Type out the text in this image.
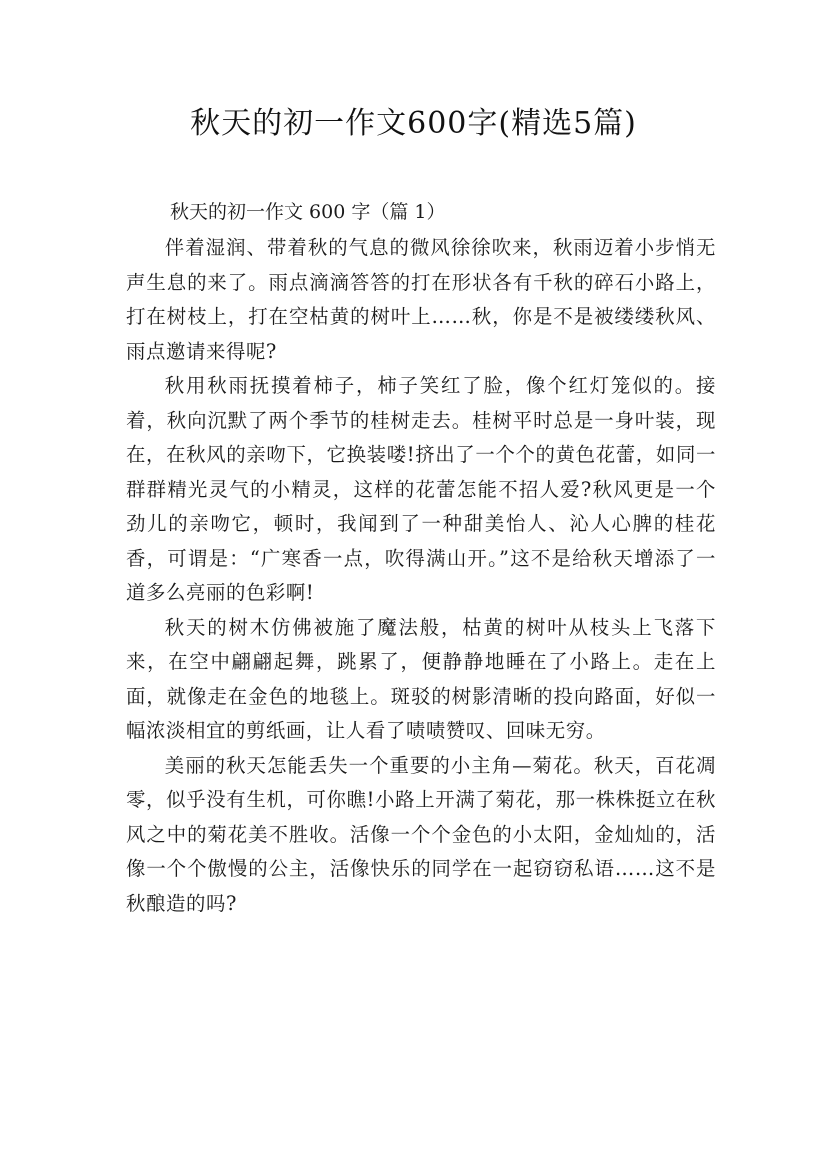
秋天的初一作文600字(精选5篇)

秋天的初一作文 600 字（篇 1）

伴着湿润、带着秋的气息的微风徐徐吹来，秋雨迈着小步悄无声生息的来了。雨点滴滴答答的打在形状各有千秋的碎石小路上，打在树枝上，打在空枯黄的树叶上……秋，你是不是被缕缕秋风、雨点邀请来得呢?

秋用秋雨抚摸着柿子，柿子笑红了脸，像个红灯笼似的。接着，秋向沉默了两个季节的桂树走去。桂树平时总是一身叶装，现在，在秋风的亲吻下，它换装喽!挤出了一个个的黄色花蕾，如同一群群精光灵气的小精灵，这样的花蕾怎能不招人爱?秋风更是一个劲儿的亲吻它，顿时，我闻到了一种甜美怡人、沁人心脾的桂花香，可谓是：“广寒香一点，吹得满山开。”这不是给秋天增添了一道多么亮丽的色彩啊!

秋天的树木仿佛被施了魔法般，枯黄的树叶从枝头上飞落下来，在空中翩翩起舞，跳累了，便静静地睡在了小路上。走在上面，就像走在金色的地毯上。斑驳的树影清晰的投向路面，好似一幅浓淡相宜的剪纸画，让人看了啧啧赞叹、回味无穷。

美丽的秋天怎能丢失一个重要的小主角—菊花。秋天，百花凋零，似乎没有生机，可你瞧!小路上开满了菊花，那一株株挺立在秋风之中的菊花美不胜收。活像一个个金色的小太阳，金灿灿的，活像一个个傲慢的公主，活像快乐的同学在一起窃窃私语……这不是秋酿造的吗?
